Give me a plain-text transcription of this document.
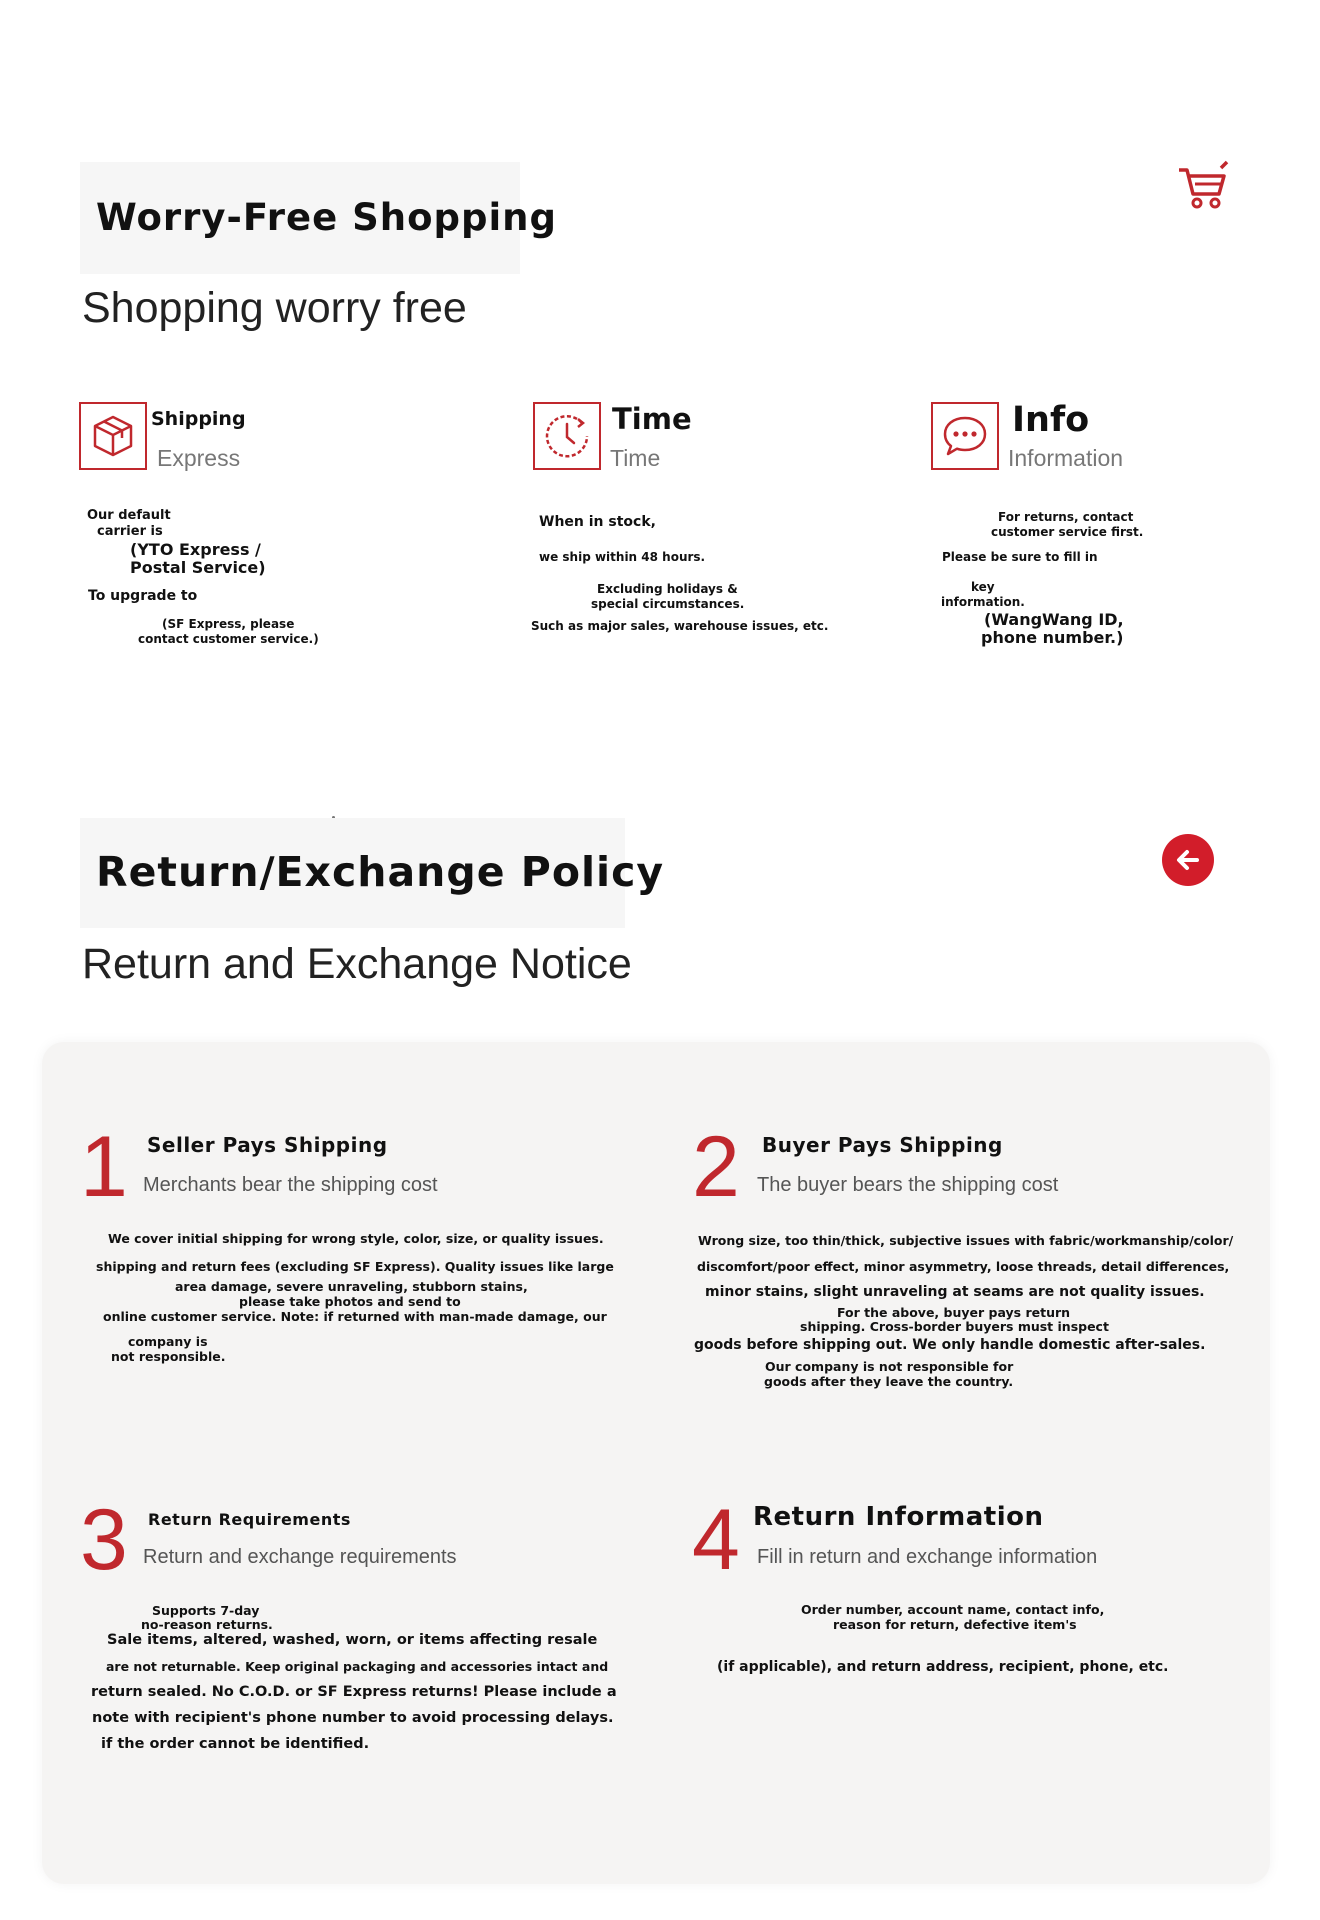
Worry-Free Shopping
Shopping worry free
Shipping
Express
Our default
carrier is
(YTO Express /
Postal Service)
To upgrade to
(SF Express, please
contact customer service.)
Time
Time
When in stock,
we ship within 48 hours.
Excluding holidays &
special circumstances.
Such as major sales, warehouse issues, etc.
Info
Information
For returns, contact
customer service first.
Please be sure to fill in
key
information.
(WangWang ID,
phone number.)
Return/Exchange Policy
Return and Exchange Notice
1 Seller Pays Shipping
Merchants bear the shipping cost
We cover initial shipping for wrong style, color, size, or quality issues.
shipping and return fees (excluding SF Express). Quality issues like large
area damage, severe unraveling, stubborn stains,
please take photos and send to
online customer service. Note: if returned with man-made damage, our
company is
not responsible.
2 Buyer Pays Shipping
The buyer bears the shipping cost
Wrong size, too thin/thick, subjective issues with fabric/workmanship/color/
discomfort/poor effect, minor asymmetry, loose threads, detail differences,
minor stains, slight unraveling at seams are not quality issues.
For the above, buyer pays return
shipping. Cross-border buyers must inspect
goods before shipping out. We only handle domestic after-sales.
Our company is not responsible for
goods after they leave the country.
3 Return Requirements
Return and exchange requirements
Supports 7-day
no-reason returns.
Sale items, altered, washed, worn, or items affecting resale
are not returnable. Keep original packaging and accessories intact and
return sealed. No C.O.D. or SF Express returns! Please include a
note with recipient's phone number to avoid processing delays.
if the order cannot be identified.
4 Return Information
Fill in return and exchange information
Order number, account name, contact info,
reason for return, defective item's
(if applicable), and return address, recipient, phone, etc.
